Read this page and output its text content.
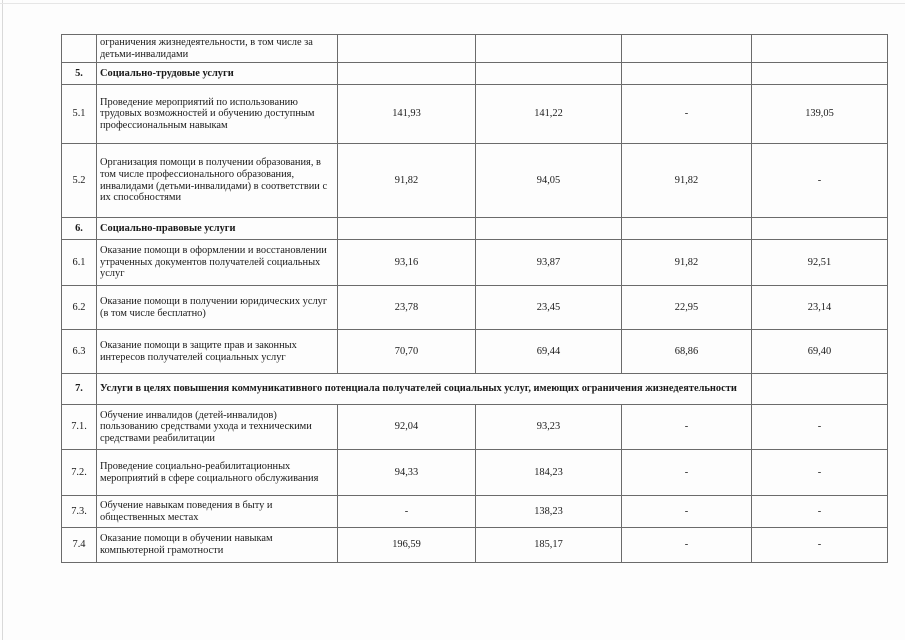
	ограничения жизнедеятельности, в том числе за детьми-инвалидами				
5.	Социально-трудовые услуги				
5.1	Проведение мероприятий по использованию трудовых возможностей и обучению доступным профессиональным навыкам	141,93	141,22	-	139,05
5.2	Организация помощи в получении образования, в том числе профессионального образования, инвалидами (детьми-инвалидами) в соответствии с их способностями	91,82	94,05	91,82	-
6.	Социально-правовые услуги				
6.1	Оказание помощи в оформлении и восстановлении утраченных документов получателей социальных услуг	93,16	93,87	91,82	92,51
6.2	Оказание помощи в получении юридических услуг (в том числе бесплатно)	23,78	23,45	22,95	23,14
6.3	Оказание помощи в защите прав и законных интересов получателей социальных услуг	70,70	69,44	68,86	69,40
7.	Услуги в целях повышения коммуникативного потенциала получателей социальных услуг, имеющих ограничения жизнедеятельности				
7.1.	Обучение инвалидов (детей-инвалидов) пользованию средствами ухода и техническими средствами реабилитации	92,04	93,23	-	-
7.2.	Проведение социально-реабилитационных мероприятий в сфере социального обслуживания	94,33	184,23	-	-
7.3.	Обучение навыкам поведения в быту и общественных местах	-	138,23	-	-
7.4	Оказание помощи в обучении навыкам компьютерной грамотности	196,59	185,17	-	-
